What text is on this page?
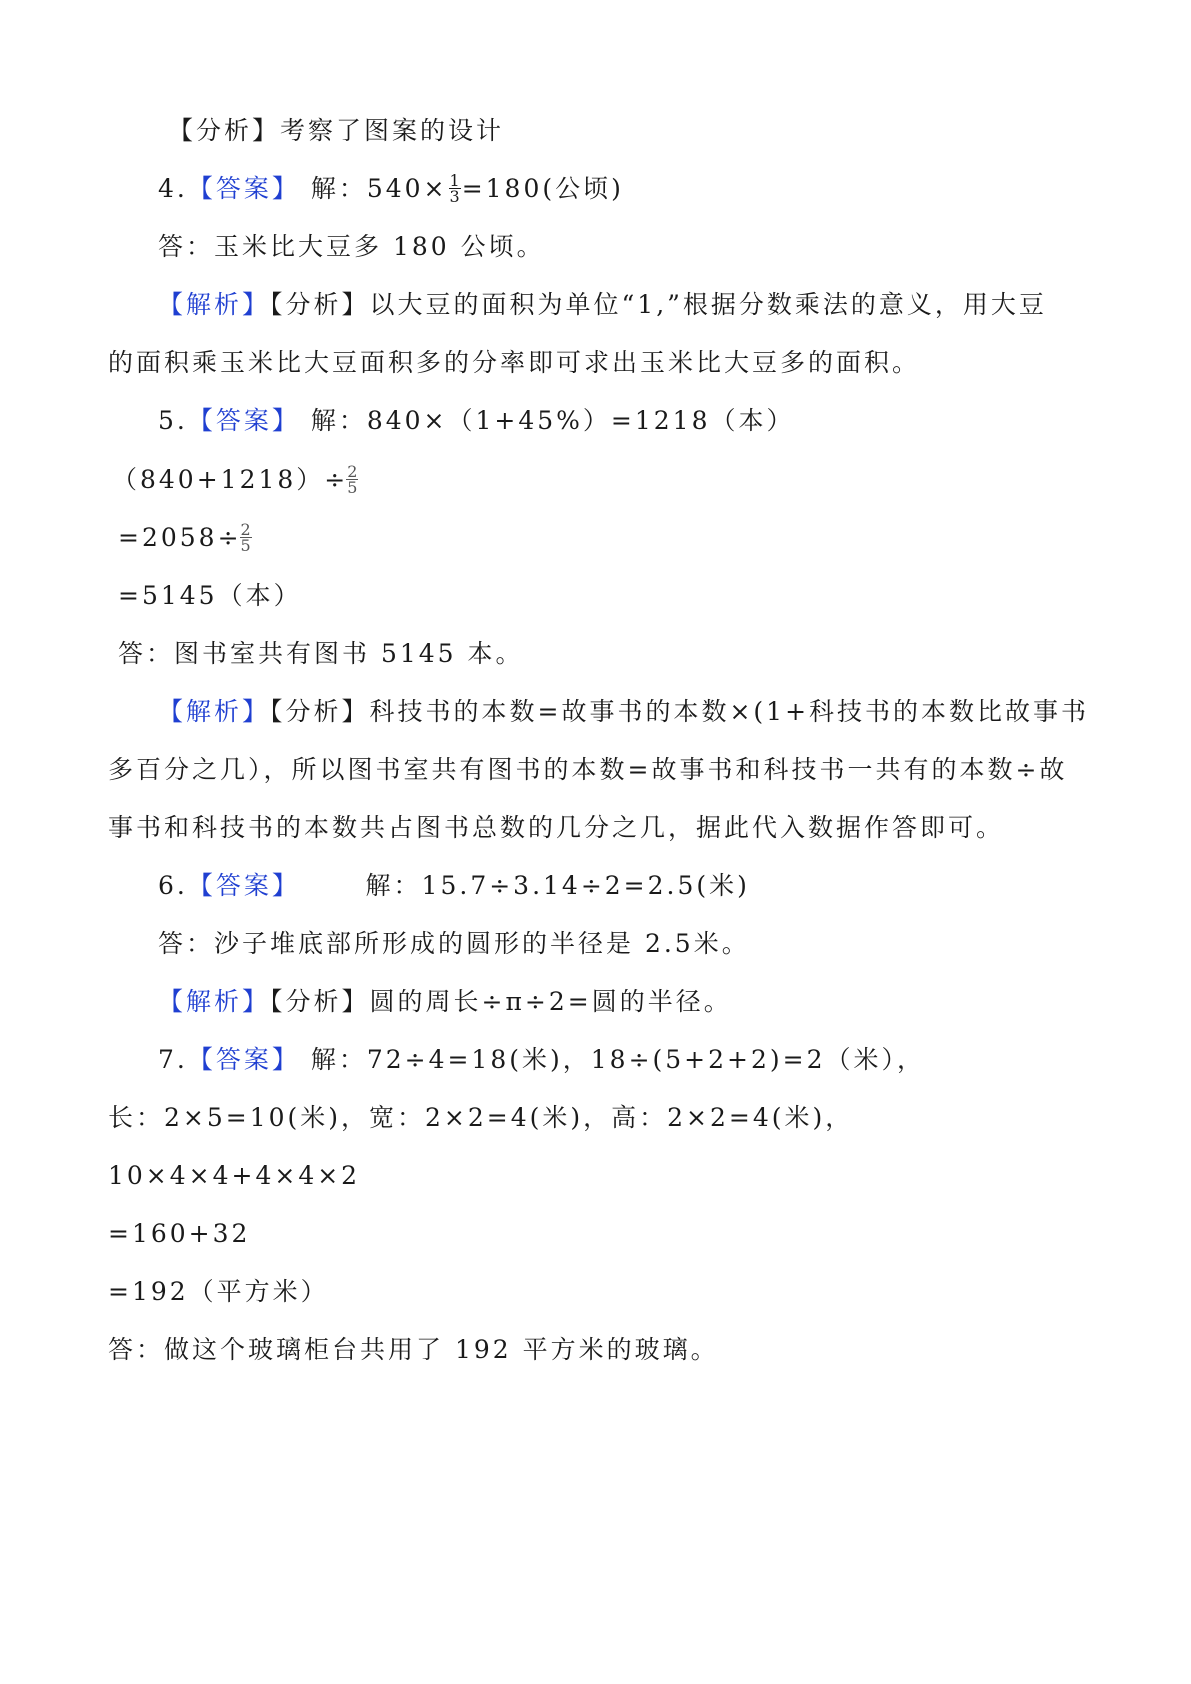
【分析】考察了图案的设计
4.【答案】 解：$540\times \frac{1}{3} =180$(公顷)
答：玉米比大豆多 180 公顷。
【解析】【分析】以大豆的面积为单位“1,”根据分数乘法的意义，用大豆
的面积乘玉米比大豆面积多的分率即可求出玉米比大豆多的面积。
5.【答案】 解：840×（1+45%）=1218（本）
$(840+1218)\div \frac{2}{5}$
$=2058\div \frac{2}{5}$
=5145（本）
答：图书室共有图书 5145 本。
【解析】【分析】科技书的本数=故事书的本数×(1+科技书的本数比故事书
多百分之几），所以图书室共有图书的本数=故事书和科技书一共有的本数÷故
事书和科技书的本数共占图书总数的几分之几，据此代入数据作答即可。
6.【答案】      解：15.7÷3.14÷2=2.5(米)
答：沙子堆底部所形成的圆形的半径是 2.5米。
【解析】【分析】圆的周长÷π÷2=圆的半径。
7.【答案】 解：72÷4=18(米)，18÷(5+2+2)=2（米），
长：2×5=10(米)，宽：2×2=4(米)，高：2×2=4(米)，
10×4×4+4×4×2
=160+32
=192（平方米）
答：做这个玻璃柜台共用了 192 平方米的玻璃。
